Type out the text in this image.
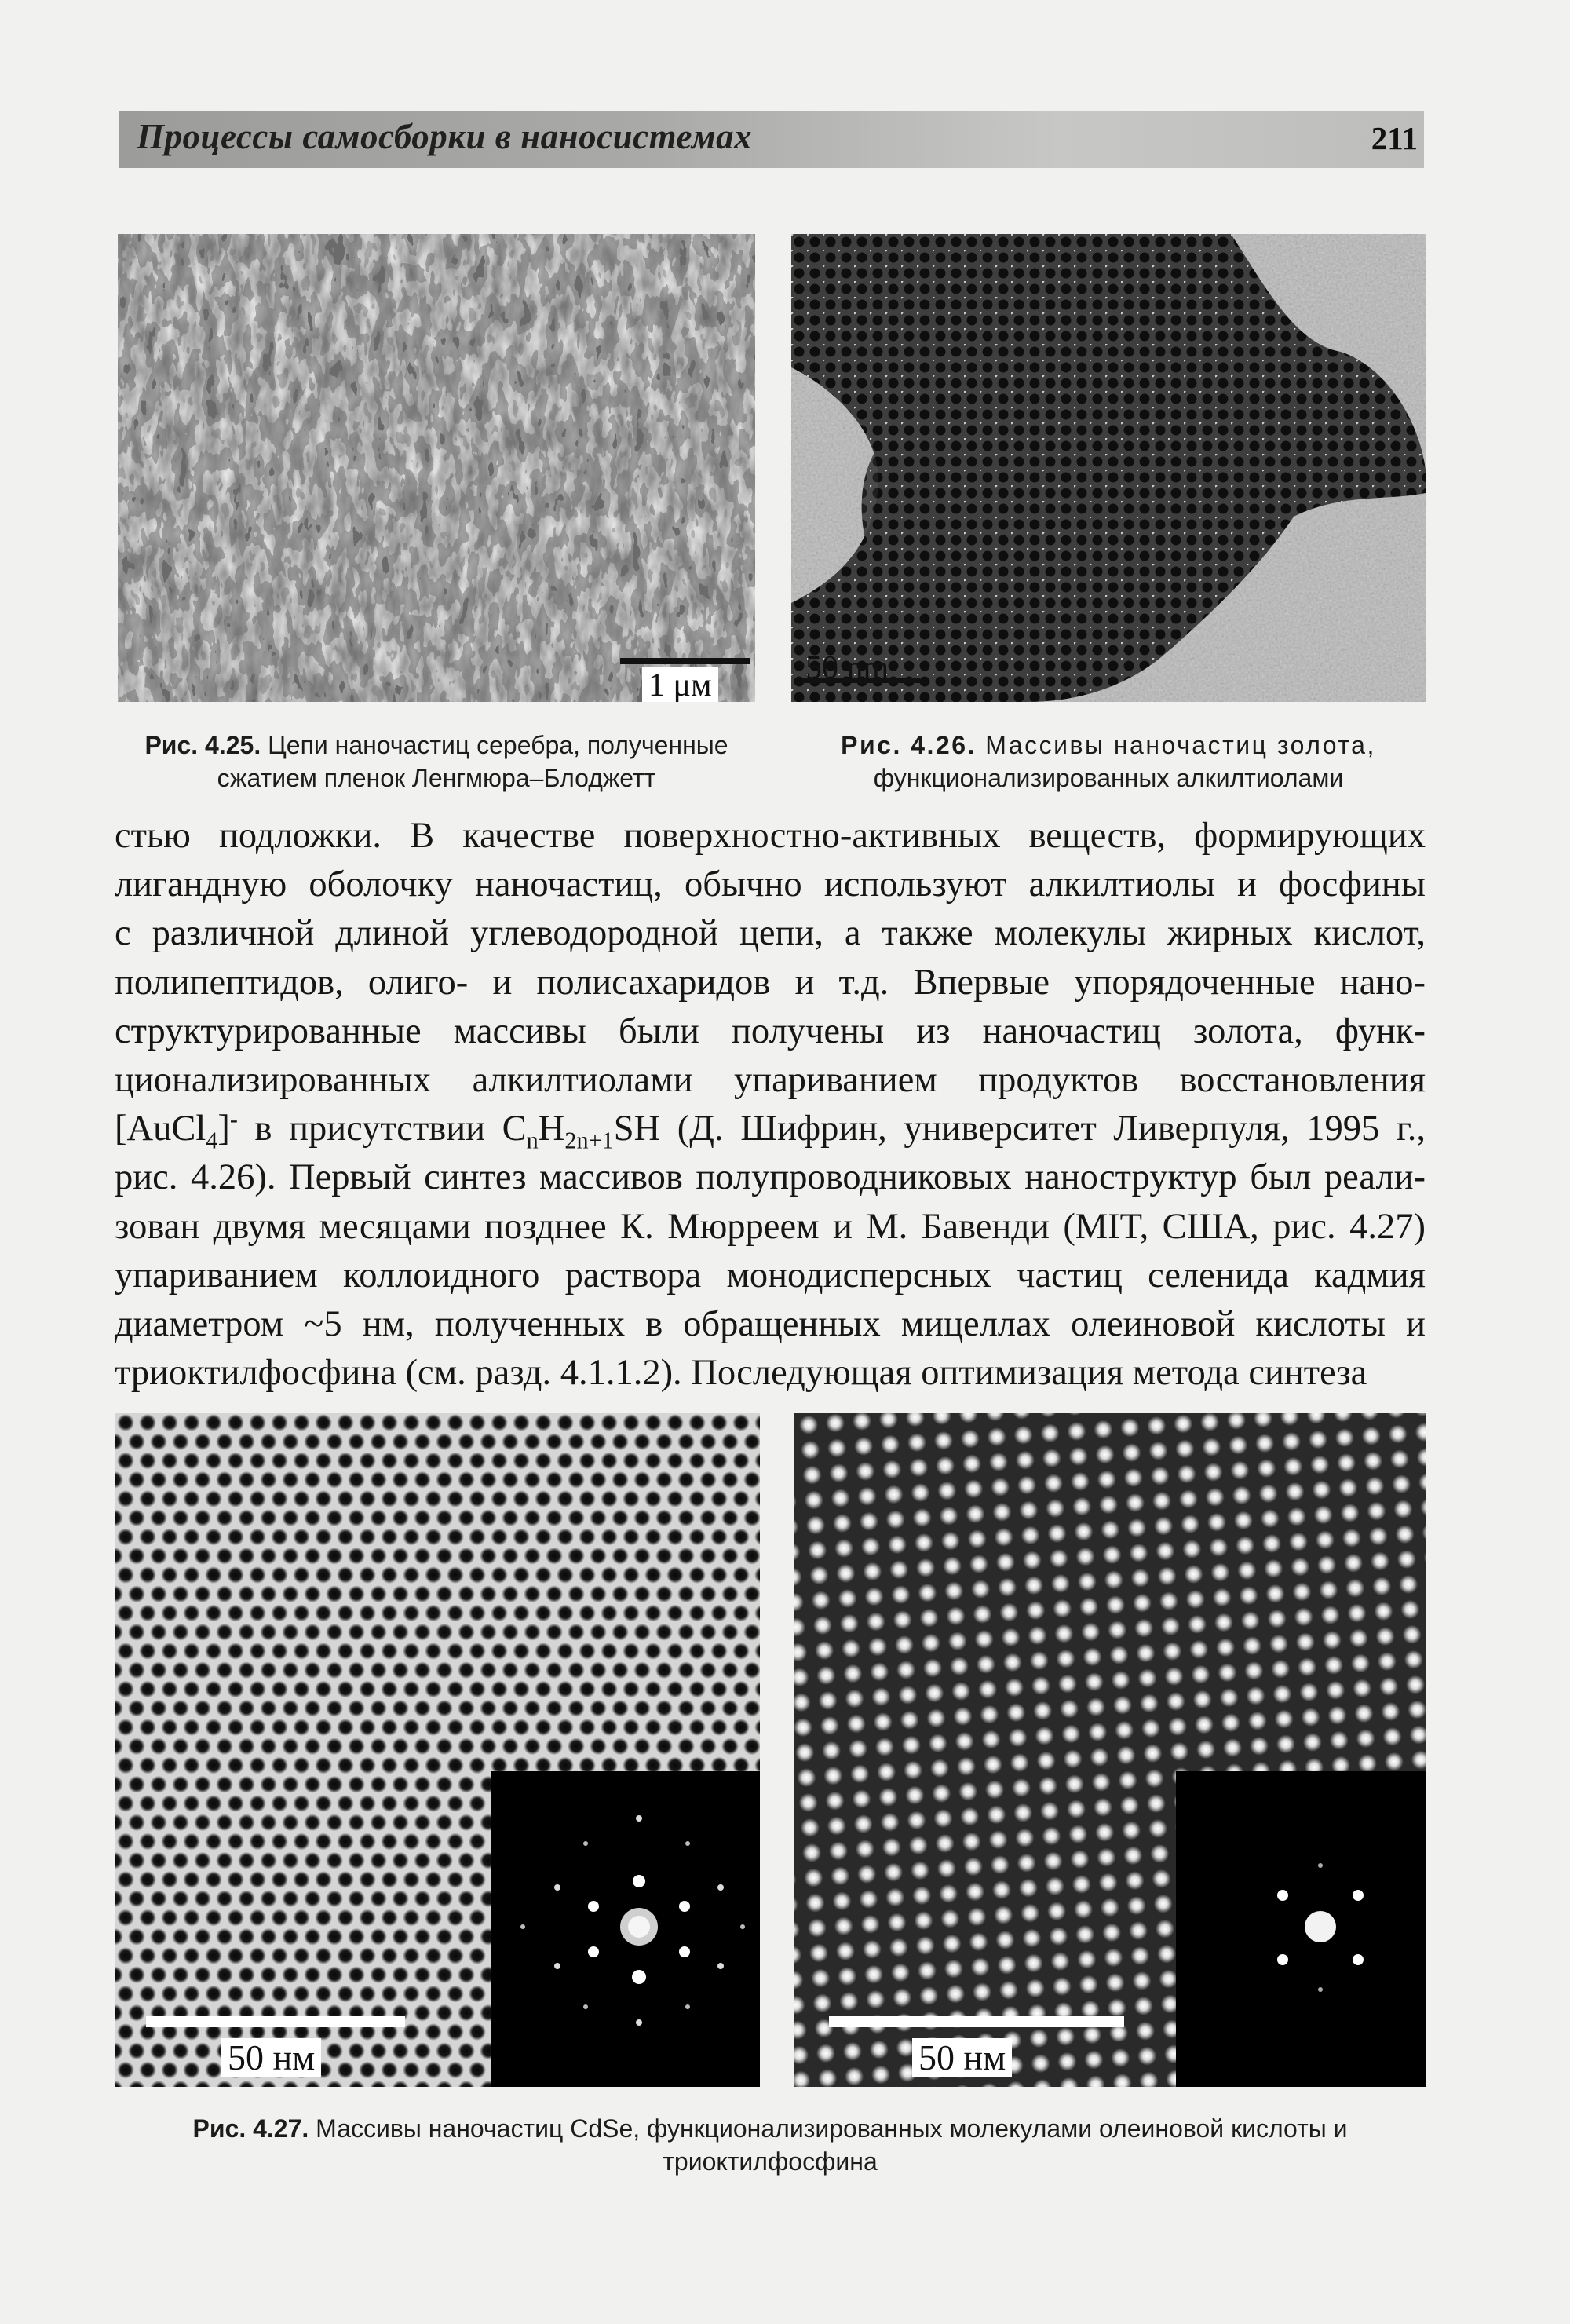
Процессы самосборки в наносистемах	211
1 μм	50 nm
Рис. 4.25. Цепи наночастиц серебра, полученные
сжатием пленок Ленгмюра–Блоджетт
Рис. 4.26. Массивы наночастиц золота,
функционализированных алкилтиолами
стью подложки. В качестве поверхностно-активных веществ, формирующих
лигандную оболочку наночастиц, обычно используют алкилтиолы и фосфины
с различной длиной углеводородной цепи, а также молекулы жирных кислот,
полипептидов, олиго- и полисахаридов и т.д. Впервые упорядоченные нано-
структурированные массивы были получены из наночастиц золота, функ-
ционализированных алкилтиолами упариванием продуктов восстановления
[AuCl$_4$]- в присутствии $C_nH_{2n+1}SH$ (Д. Шифрин, университет Ливерпуля, 1995 г.,
рис. 4.26). Первый синтез массивов полупроводниковых наноструктур был реали-
зован двумя месяцами позднее К. Мюрреем и М. Бавенди (MIT, США, рис. 4.27)
упариванием коллоидного раствора монодисперсных частиц селенида кадмия
диаметром ~5 нм, полученных в обращенных мицеллах олеиновой кислоты и
триоктилфосфина (см. разд. 4.1.1.2). Последующая оптимизация метода синтеза
50 нм	50 нм
Рис. 4.27. Массивы наночастиц CdSe, функционализированных молекулами олеиновой кислоты и
триоктилфосфина
